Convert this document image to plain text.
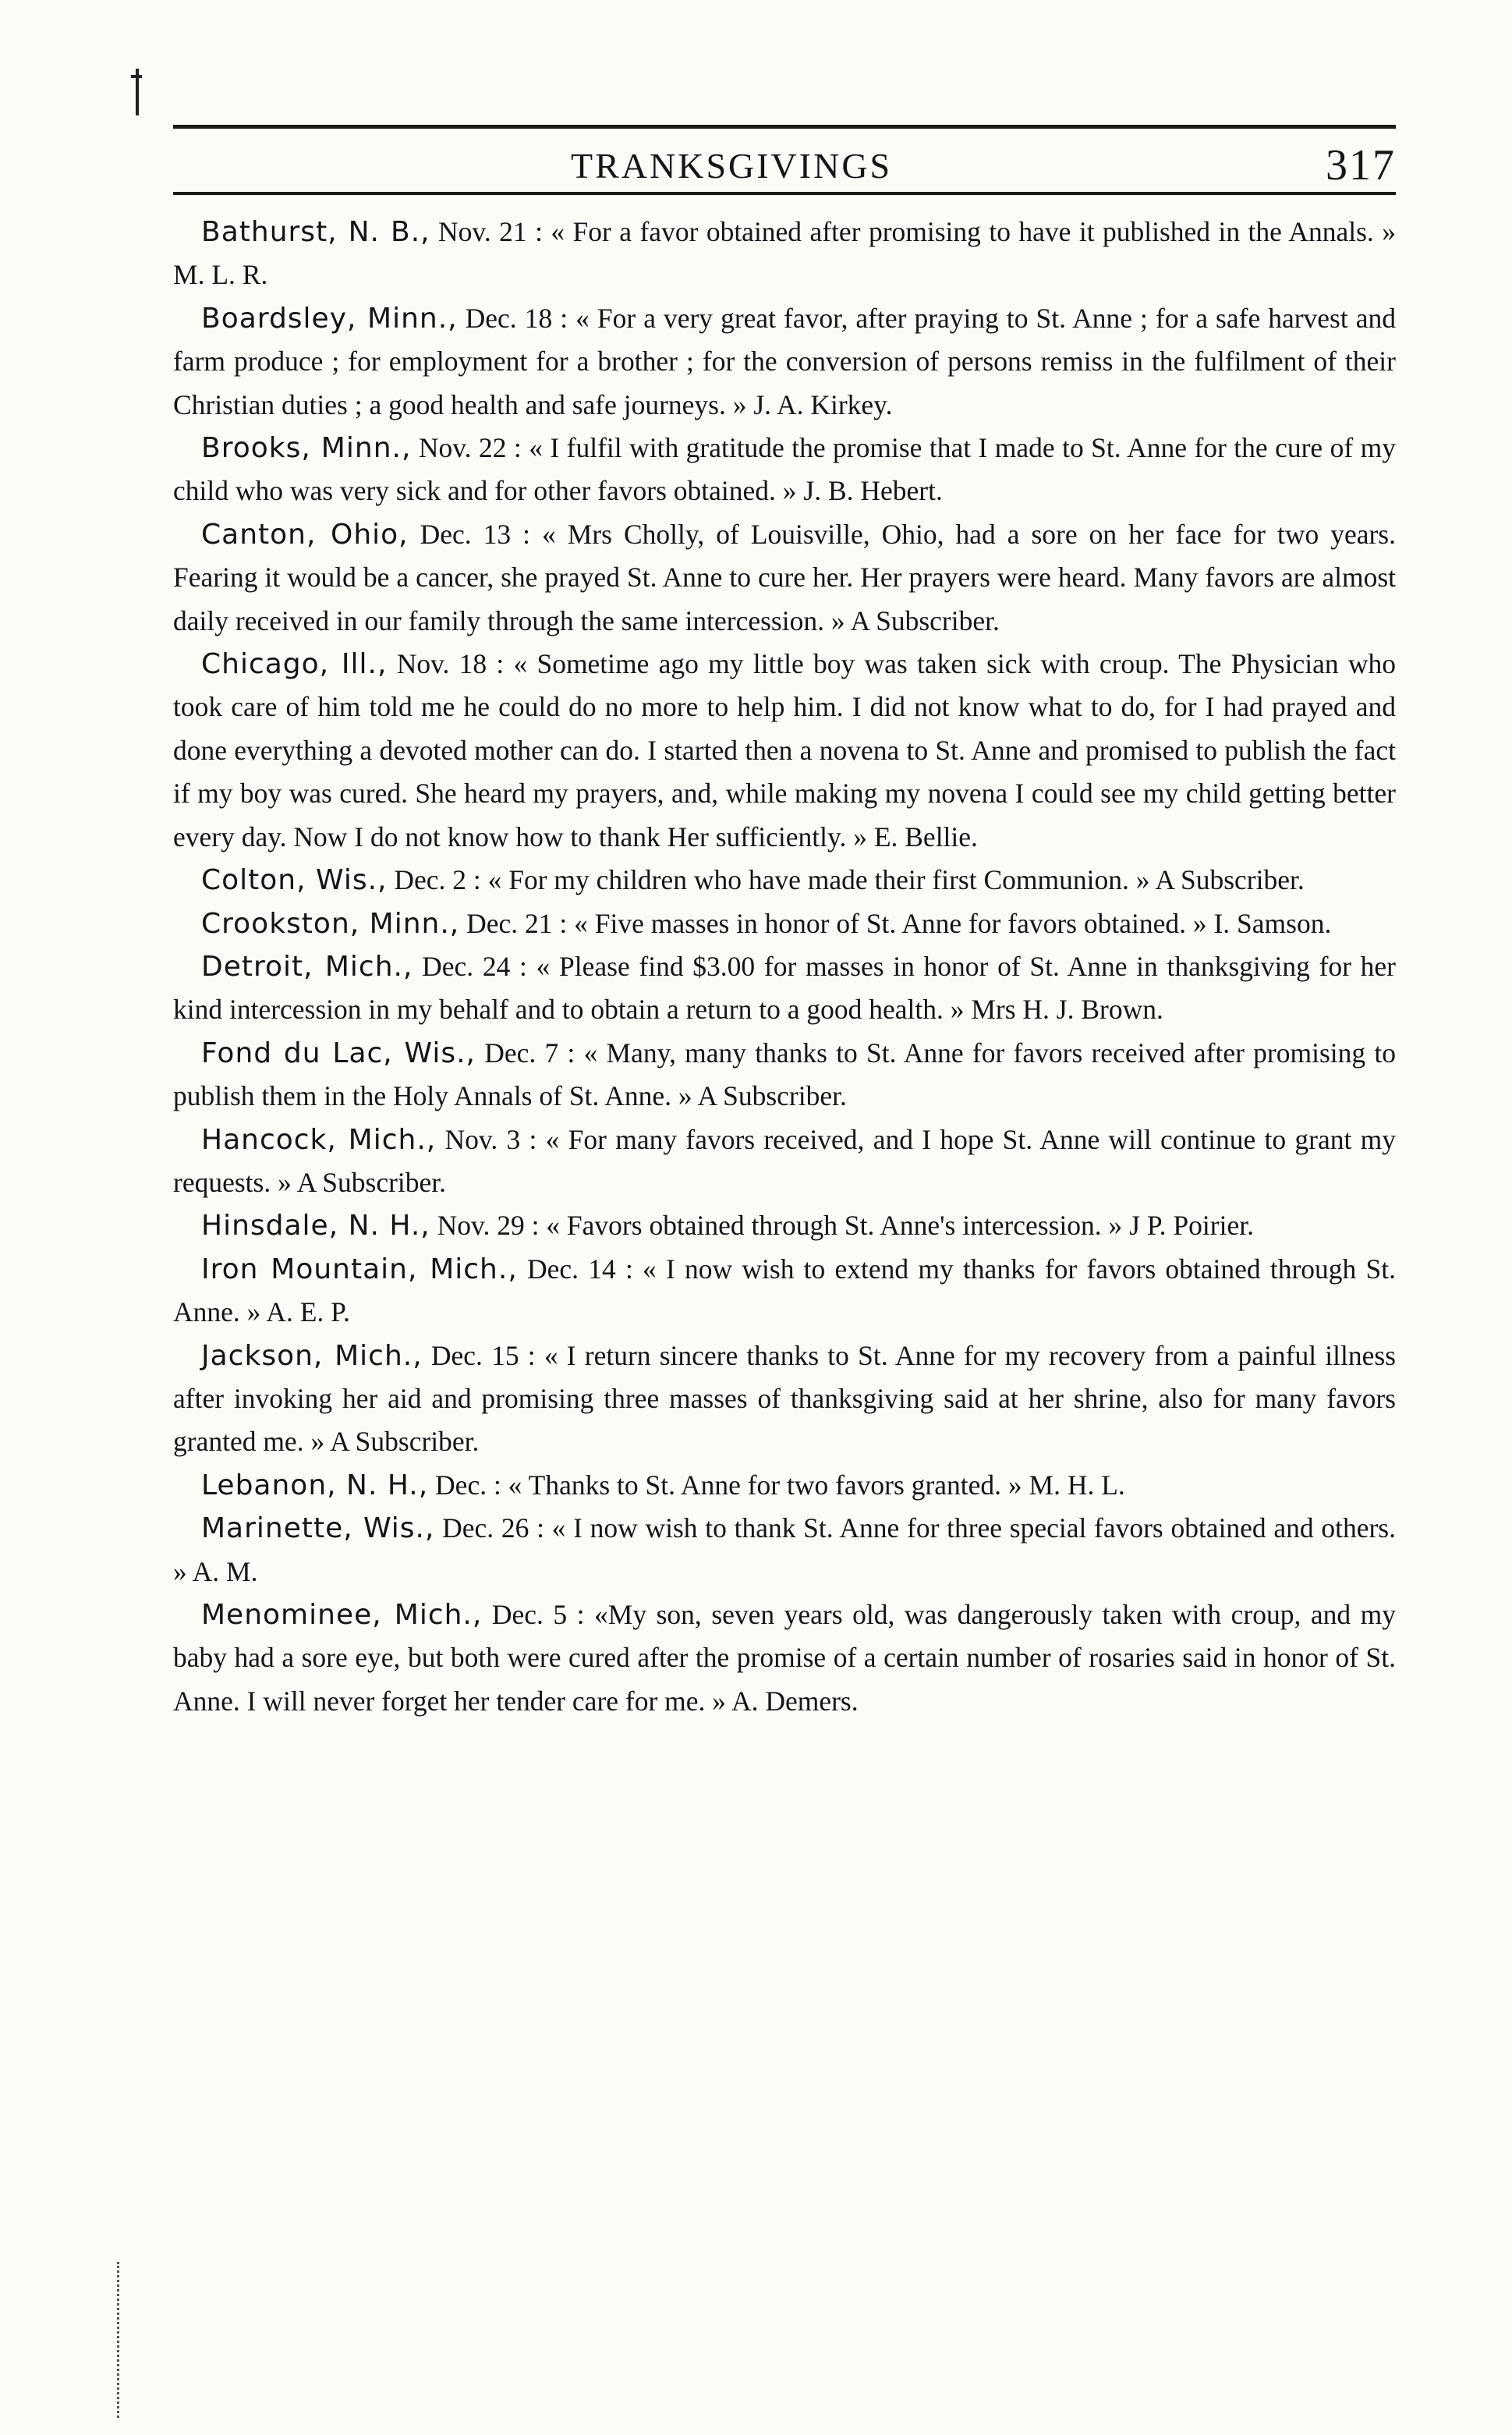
TRANKSGIVINGS	317

Bathurst, N. B., Nov. 21 : « For a favor obtained after promising to have it published in the Annals. » M. L. R.

Boardsley, Minn., Dec. 18 : « For a very great favor, after praying to St. Anne ; for a safe harvest and farm produce ; for employment for a brother ; for the conversion of persons remiss in the fulfilment of their Christian duties ; a good health and safe journeys. » J. A. Kirkey.

Brooks, Minn., Nov. 22 : « I fulfil with gratitude the promise that I made to St. Anne for the cure of my child who was very sick and for other favors obtained. » J. B. Hebert.

Canton, Ohio, Dec. 13 : « Mrs Cholly, of Louisville, Ohio, had a sore on her face for two years. Fearing it would be a cancer, she prayed St. Anne to cure her. Her prayers were heard. Many favors are almost daily received in our family through the same intercession. » A Subscriber.

Chicago, Ill., Nov. 18 : « Sometime ago my little boy was taken sick with croup. The Physician who took care of him told me he could do no more to help him. I did not know what to do, for I had prayed and done everything a devoted mother can do. I started then a novena to St. Anne and promised to publish the fact if my boy was cured. She heard my prayers, and, while making my novena I could see my child getting better every day. Now I do not know how to thank Her sufficiently. » E. Bellie.

Colton, Wis., Dec. 2 : « For my children who have made their first Communion. » A Subscriber.

Crookston, Minn., Dec. 21 : « Five masses in honor of St. Anne for favors obtained. » I. Samson.

Detroit, Mich., Dec. 24 : « Please find $3.00 for masses in honor of St. Anne in thanksgiving for her kind intercession in my behalf and to obtain a return to a good health. » Mrs H. J. Brown.

Fond du Lac, Wis., Dec. 7 : « Many, many thanks to St. Anne for favors received after promising to publish them in the Holy Annals of St. Anne. » A Subscriber.

Hancock, Mich., Nov. 3 : « For many favors received, and I hope St. Anne will continue to grant my requests. » A Subscriber.

Hinsdale, N. H., Nov. 29 : « Favors obtained through St. Anne's intercession. » J P. Poirier.

Iron Mountain, Mich., Dec. 14 : « I now wish to extend my thanks for favors obtained through St. Anne. » A. E. P.

Jackson, Mich., Dec. 15 : « I return sincere thanks to St. Anne for my recovery from a painful illness after invoking her aid and promising three masses of thanksgiving said at her shrine, also for many favors granted me. » A Subscriber.

Lebanon, N. H., Dec. : « Thanks to St. Anne for two favors granted. » M. H. L.

Marinette, Wis., Dec. 26 : « I now wish to thank St. Anne for three special favors obtained and others. » A. M.

Menominee, Mich., Dec. 5 : «My son, seven years old, was dangerously taken with croup, and my baby had a sore eye, but both were cured after the promise of a certain number of rosaries said in honor of St. Anne. I will never forget her tender care for me. » A. Demers.
